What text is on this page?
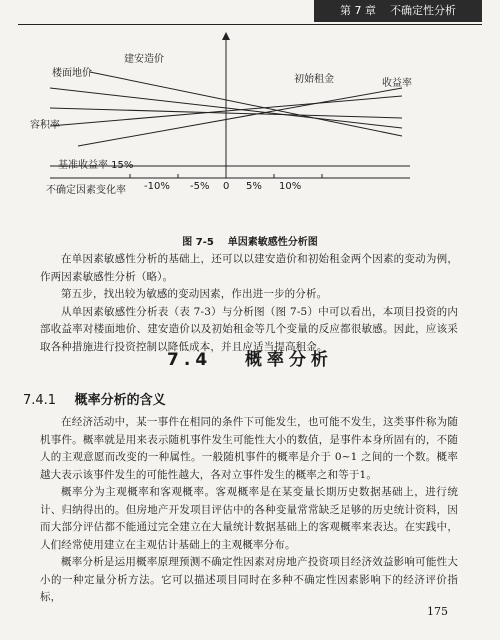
第 7 章 不确定性分析
楼面地价
建安造价
初始租金	收益率
容积率
基准收益率 15%
不确定因素变化率 -10% -5% 0 5% 10%
图 7-5 单因素敏感性分析图

在单因素敏感性分析的基础上，还可以以建安造价和初始租金两个因素的变动为例，作两因素敏感性分析（略）。

第五步，找出较为敏感的变动因素，作出进一步的分析。

从单因素敏感性分析表（表 7-3）与分析图（图 7-5）中可以看出，本项目投资的内部收益率对楼面地价、建安造价以及初始租金等几个变量的反应都很敏感。因此，应该采取各种措施进行投资控制以降低成本，并且应适当提高租金。

7.4 概率分析
7.4.1 概率分析的含义

在经济活动中，某一事件在相同的条件下可能发生，也可能不发生，这类事件称为随机事件。概率就是用来表示随机事件发生可能性大小的数值，是事件本身所固有的，不随人的主观意愿而改变的一种属性。一般随机事件的概率是介于 0~1 之间的一个数。概率越大表示该事件发生的可能性越大，各对立事件发生的概率之和等于1。

概率分为主观概率和客观概率。客观概率是在某变量长期历史数据基础上，进行统计、归纳得出的。但房地产开发项目评估中的各种变量常常缺乏足够的历史统计资料，因而大部分评估都不能通过完全建立在大量统计数据基础上的客观概率来表达。在实践中，人们经常使用建立在主观估计基础上的主观概率分布。

概率分析是运用概率原理预测不确定性因素对房地产投资项目经济效益影响可能性大小的一种定量分析方法。它可以描述项目同时在多种不确定性因素影响下的经济评价指标，

175
